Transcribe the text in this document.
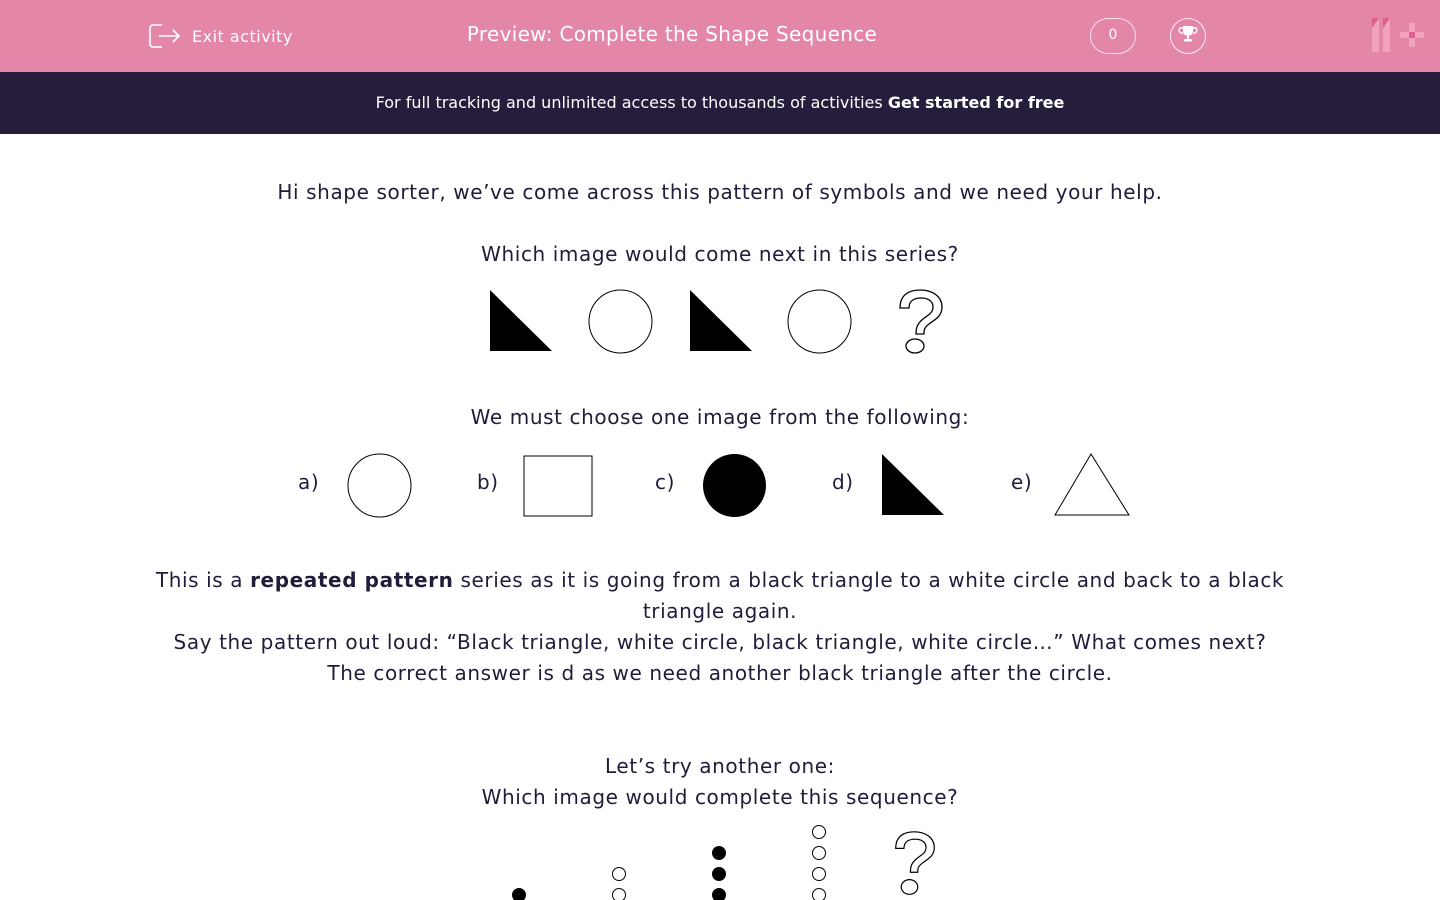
Exit activity	Preview: Complete the Shape Sequence	0
For full tracking and unlimited access to thousands of activities Get started for free
Hi shape sorter, we’ve come across this pattern of symbols and we need your help.
Which image would come next in this series?
We must choose one image from the following:
a)	b)	c)	d)	e)
This is a repeated pattern series as it is going from a black triangle to a white circle and back to a black
triangle again.
Say the pattern out loud: “Black triangle, white circle, black triangle, white circle…” What comes next?
The correct answer is d as we need another black triangle after the circle.
Let’s try another one:
Which image would complete this sequence?
